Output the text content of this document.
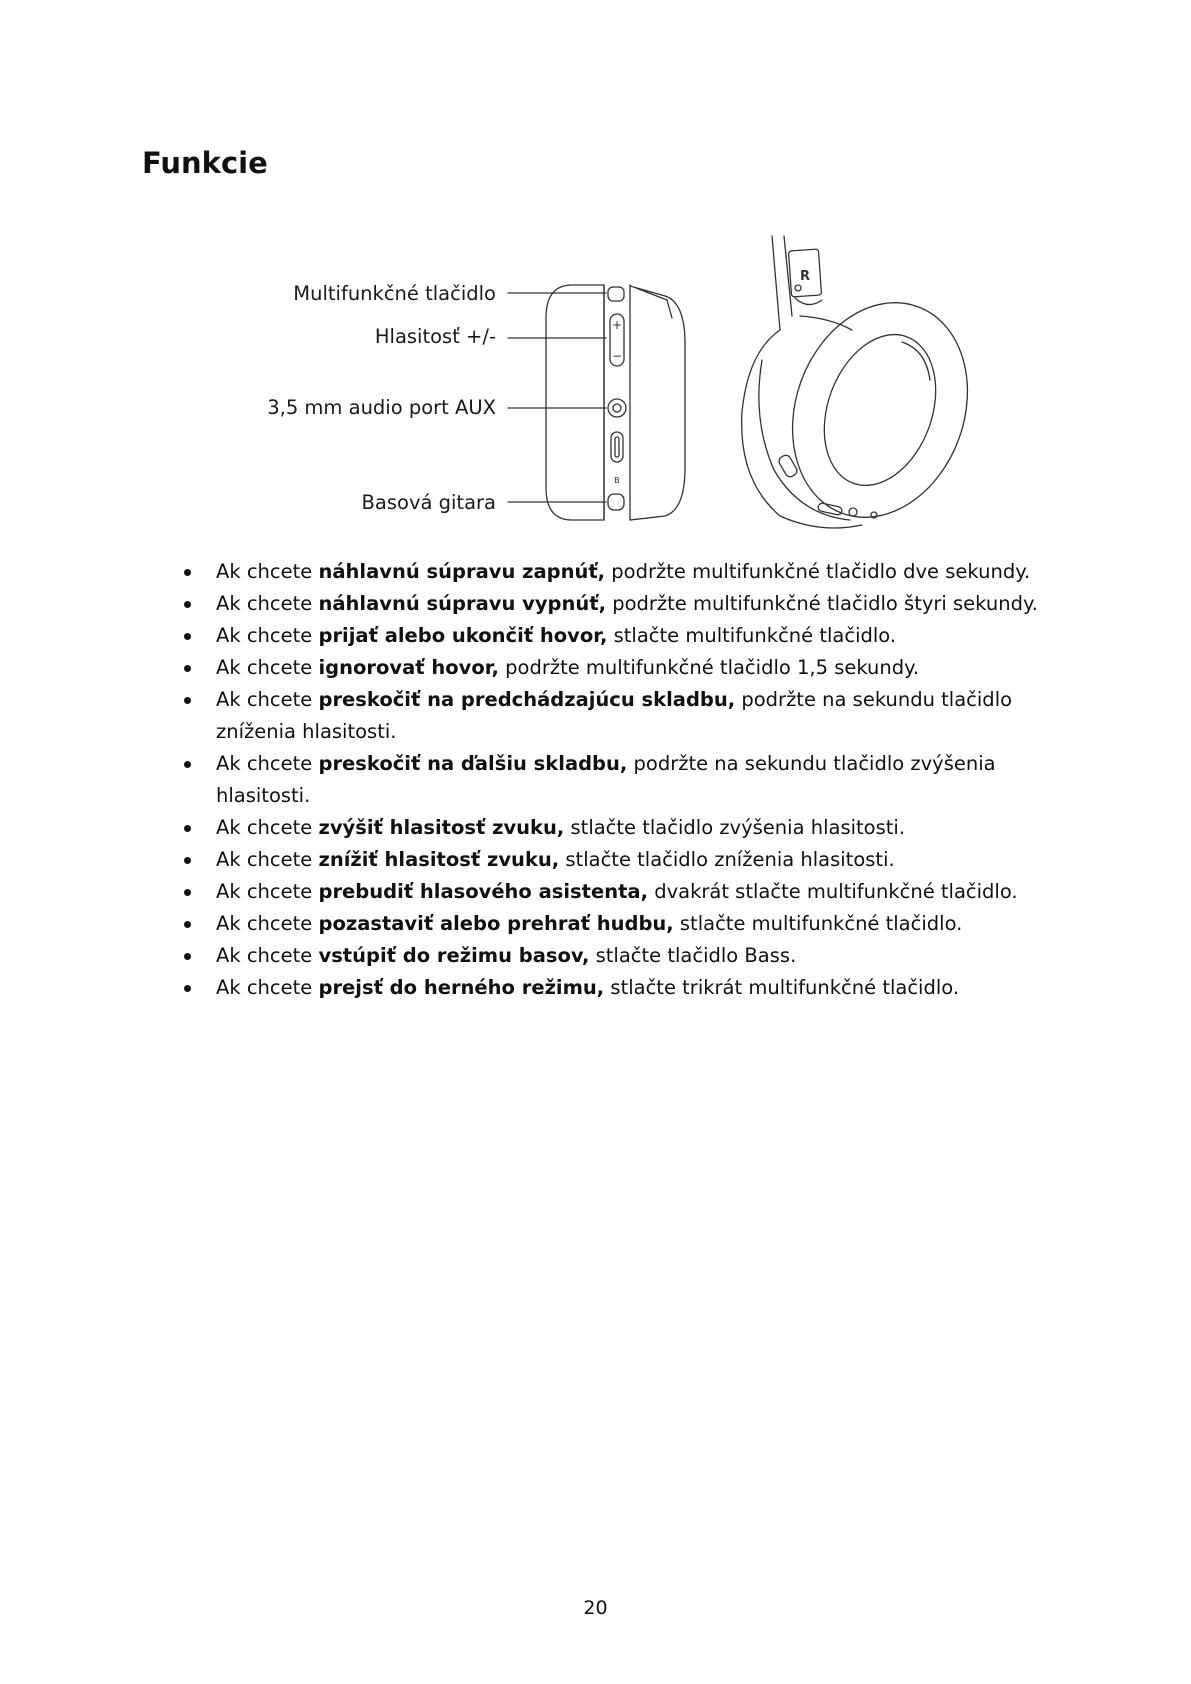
Funkcie
Multifunkčné tlačidlo
Hlasitosť +/-
3,5 mm audio port AUX
Basová gitara
+
−
B
R
Ak chcete náhlavnú súpravu zapnúť, podržte multifunkčné tlačidlo dve sekundy.
Ak chcete náhlavnú súpravu vypnúť, podržte multifunkčné tlačidlo štyri sekundy.
Ak chcete prijať alebo ukončiť hovor, stlačte multifunkčné tlačidlo.
Ak chcete ignorovať hovor, podržte multifunkčné tlačidlo 1,5 sekundy.
Ak chcete preskočiť na predchádzajúcu skladbu, podržte na sekundu tlačidlo zníženia hlasitosti.
Ak chcete preskočiť na ďalšiu skladbu, podržte na sekundu tlačidlo zvýšenia hlasitosti.
Ak chcete zvýšiť hlasitosť zvuku, stlačte tlačidlo zvýšenia hlasitosti.
Ak chcete znížiť hlasitosť zvuku, stlačte tlačidlo zníženia hlasitosti.
Ak chcete prebudiť hlasového asistenta, dvakrát stlačte multifunkčné tlačidlo.
Ak chcete pozastaviť alebo prehrať hudbu, stlačte multifunkčné tlačidlo.
Ak chcete vstúpiť do režimu basov, stlačte tlačidlo Bass.
Ak chcete prejsť do herného režimu, stlačte trikrát multifunkčné tlačidlo.
20
